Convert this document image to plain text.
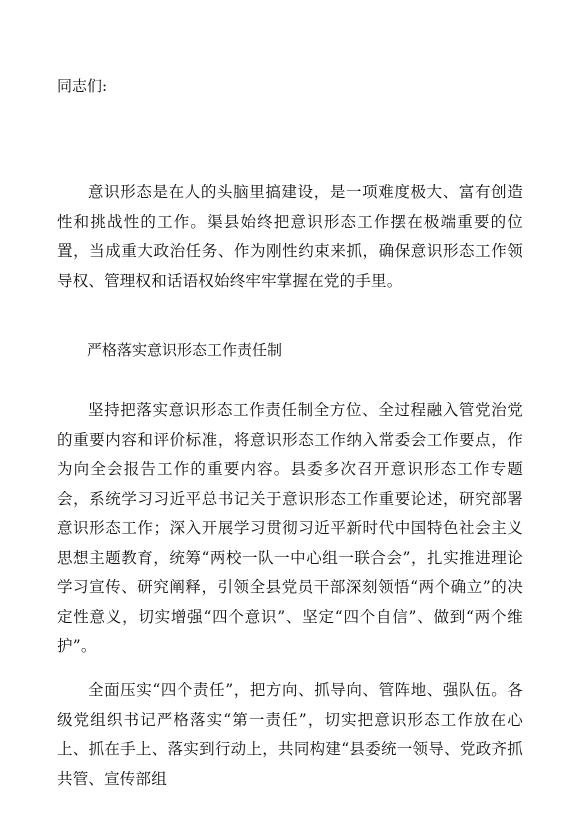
同志们:

意识形态是在人的头脑里搞建设，是一项难度极大、富有创造性和挑战性的工作。渠县始终把意识形态工作摆在极端重要的位置，当成重大政治任务、作为刚性约束来抓，确保意识形态工作领导权、管理权和话语权始终牢牢掌握在党的手里。

严格落实意识形态工作责任制

坚持把落实意识形态工作责任制全方位、全过程融入管党治党的重要内容和评价标准，将意识形态工作纳入常委会工作要点，作为向全会报告工作的重要内容。县委多次召开意识形态工作专题会，系统学习习近平总书记关于意识形态工作重要论述，研究部署意识形态工作；深入开展学习贯彻习近平新时代中国特色社会主义思想主题教育，统筹“两校一队一中心组一联合会”，扎实推进理论学习宣传、研究阐释，引领全县党员干部深刻领悟“两个确立”的决定性意义，切实增强“四个意识”、坚定“四个自信”、做到“两个维护”。

全面压实“四个责任”，把方向、抓导向、管阵地、强队伍。各级党组织书记严格落实“第一责任”，切实把意识形态工作放在心上、抓在手上、落实到行动上，共同构建“县委统一领导、党政齐抓共管、宣传部组
